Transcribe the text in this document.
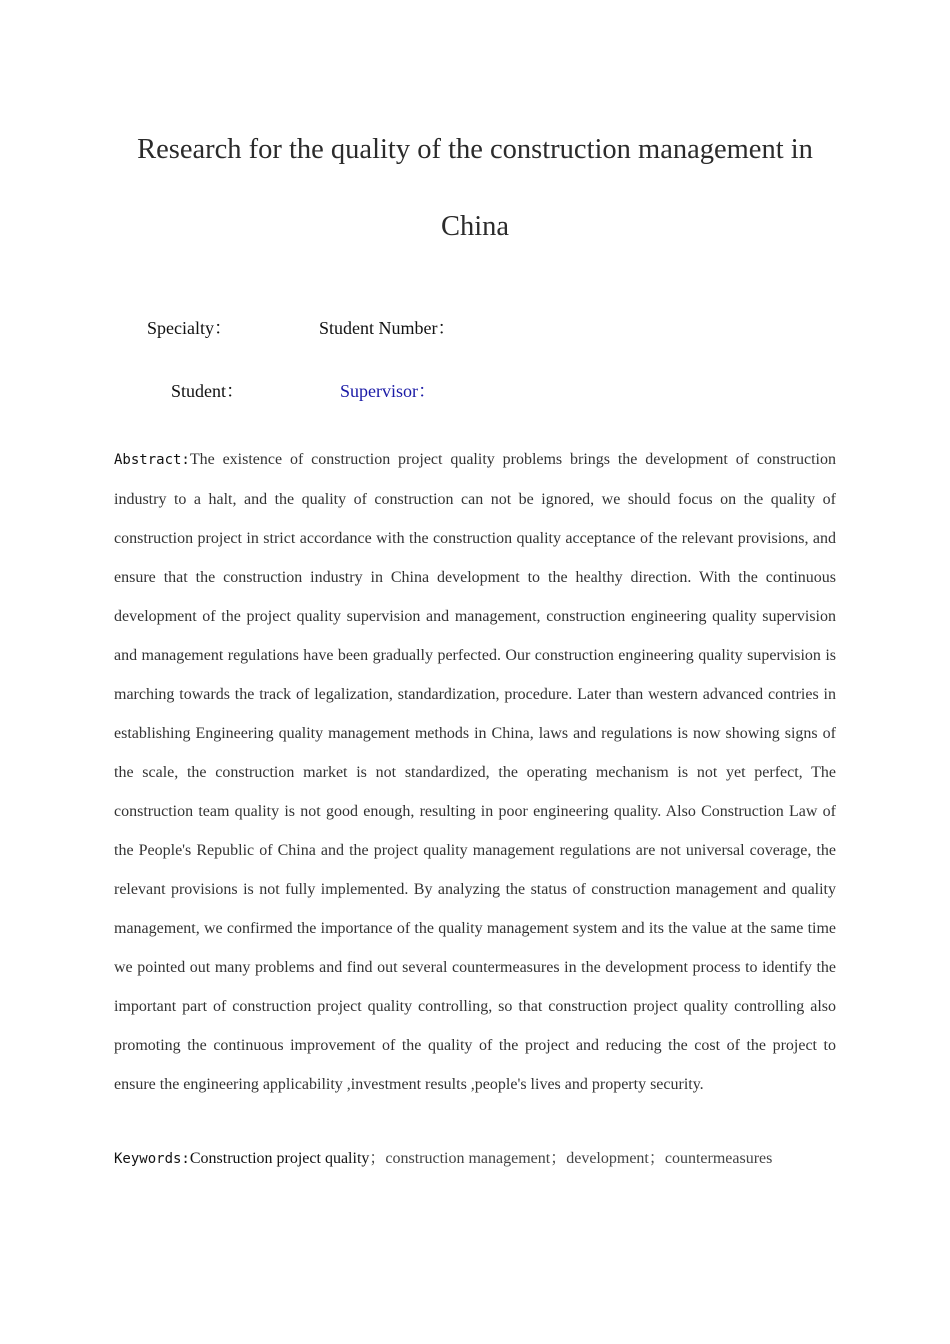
Research for the quality of the construction management in
China
Specialty：	Student Number：
Student：	Supervisor：

Abstract:The existence of construction project quality problems brings the development of construction industry to a halt, and the quality of construction can not be ignored, we should focus on the quality of construction project in strict accordance with the construction quality acceptance of the relevant provisions, and ensure that the construction industry in China development to the healthy direction. With the continuous development of the project quality supervision and management, construction engineering quality supervision and management regulations have been gradually perfected. Our construction engineering quality supervision is marching towards the track of legalization, standardization, procedure. Later than western advanced contries in establishing Engineering quality management methods in China, laws and regulations is now showing signs of the scale, the construction market is not standardized, the operating mechanism is not yet perfect, The construction team quality is not good enough, resulting in poor engineering quality. Also Construction Law of the People's Republic of China and the project quality management regulations are not universal coverage, the relevant provisions is not fully implemented. By analyzing the status of construction management and quality management, we confirmed the importance of the quality management system and its the value at the same time we pointed out many problems and find out several countermeasures in the development process to identify the important part of construction project quality controlling, so that construction project quality controlling also promoting the continuous improvement of the quality of the project and reducing the cost of the project to ensure the engineering applicability ,investment results ,people's lives and property security.

Keywords:Construction project quality；construction management；development；countermeasures
